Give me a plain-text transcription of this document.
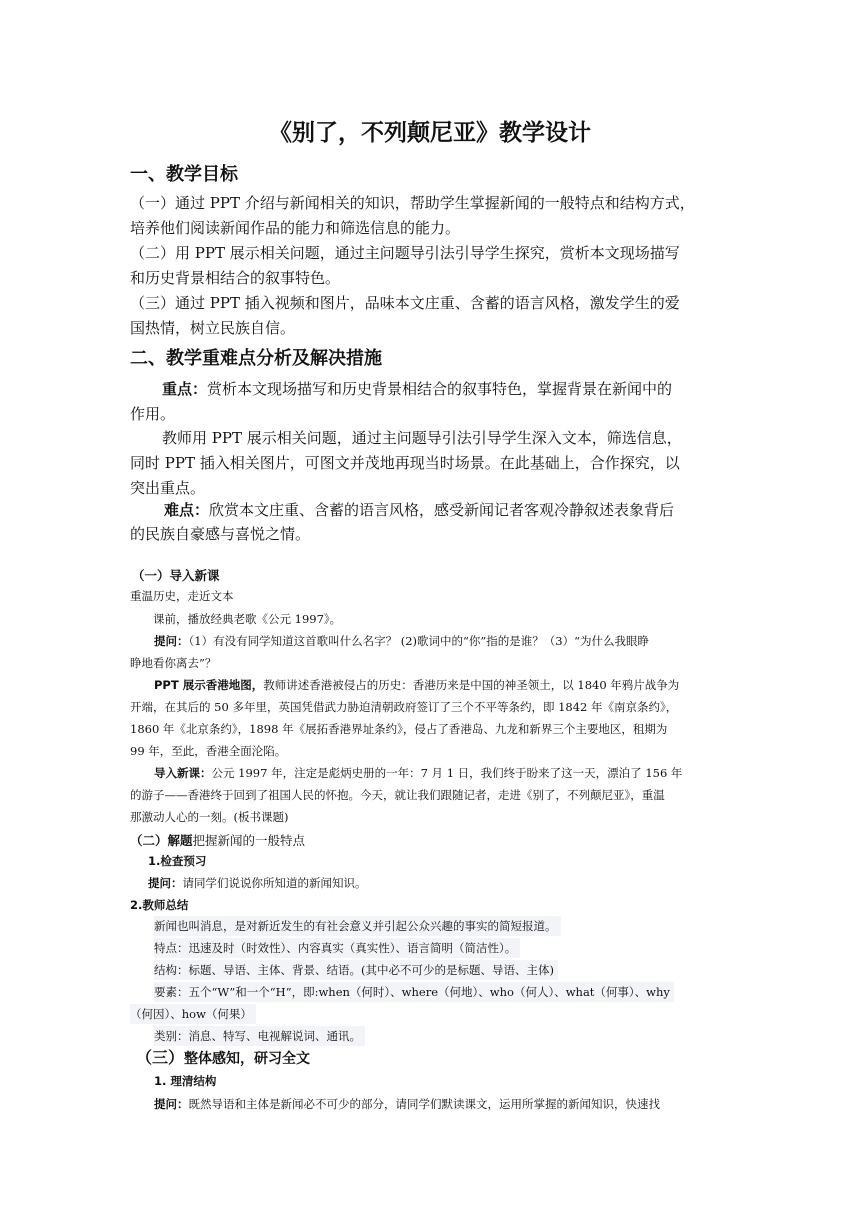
《别了，不列颠尼亚》教学设计
一、教学目标
（一）通过 PPT 介绍与新闻相关的知识，帮助学生掌握新闻的一般特点和结构方式，
培养他们阅读新闻作品的能力和筛选信息的能力。
（二）用 PPT 展示相关问题，通过主问题导引法引导学生探究，赏析本文现场描写
和历史背景相结合的叙事特色。
（三）通过 PPT 插入视频和图片，品味本文庄重、含蓄的语言风格，激发学生的爱
国热情，树立民族自信。
二、教学重难点分析及解决措施
重点：赏析本文现场描写和历史背景相结合的叙事特色，掌握背景在新闻中的
作用。
教师用 PPT 展示相关问题，通过主问题导引法引导学生深入文本，筛选信息，
同时 PPT 插入相关图片，可图文并茂地再现当时场景。在此基础上，合作探究，以
突出重点。
难点：欣赏本文庄重、含蓄的语言风格，感受新闻记者客观冷静叙述表象背后
的民族自豪感与喜悦之情。
（一）导入新课
重温历史，走近文本
课前，播放经典老歌《公元 1997》。
提问：（1）有没有同学知道这首歌叫什么名字？ (2)歌词中的“你”指的是谁？（3）“为什么我眼睁
睁地看你离去”？
PPT 展示香港地图，教师讲述香港被侵占的历史：香港历来是中国的神圣领土，以 1840 年鸦片战争为
开端，在其后的 50 多年里，英国凭借武力胁迫清朝政府签订了三个不平等条约，即 1842 年《南京条约》，
1860 年《北京条约》，1898 年《展拓香港界址条约》，侵占了香港岛、九龙和新界三个主要地区，租期为
99 年，至此，香港全面沦陷。
导入新课：公元 1997 年，注定是彪炳史册的一年：7 月 1 日，我们终于盼来了这一天，漂泊了 156 年
的游子——香港终于回到了祖国人民的怀抱。今天，就让我们跟随记者，走进《别了，不列颠尼亚》，重温
那激动人心的一刻。(板书课题)
（二）解题把握新闻的一般特点
1.检查预习
提问：请同学们说说你所知道的新闻知识。
2.教师总结
新闻也叫消息，是对新近发生的有社会意义并引起公众兴趣的事实的简短报道。
特点：迅速及时（时效性）、内容真实（真实性）、语言简明（简洁性）。
结构：标题、导语、主体、背景、结语。(其中必不可少的是标题、导语、主体)
要素：五个“W”和一个“H”，即:when（何时）、where（何地）、who（何人）、what（何事）、why
（何因）、how（何果）
类别：消息、特写、电视解说词、通讯。
（三）整体感知，研习全文
1. 理清结构
提问：既然导语和主体是新闻必不可少的部分，请同学们默读课文，运用所掌握的新闻知识，快速找
